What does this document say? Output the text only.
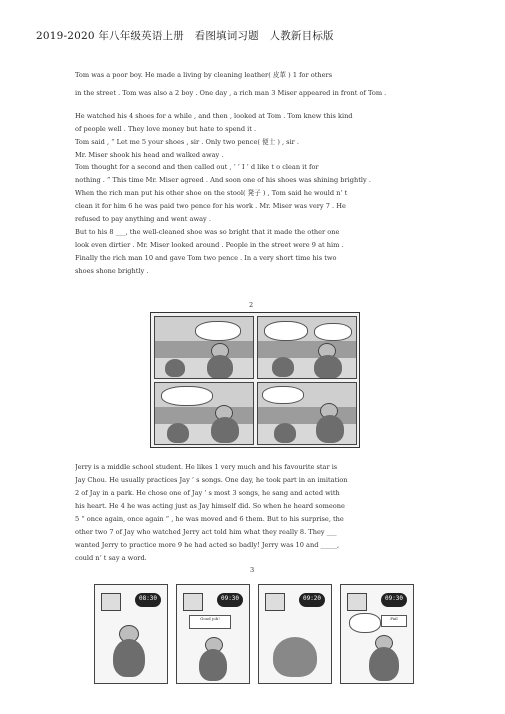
2019-2020 年八年级英语上册　看图填词习题　人教新目标版
Tom was a poor boy. He made a living by cleaning leather( 皮革 ) 1 for others
in the street . Tom was also a 2 boy . One day , a rich man 3 Miser appeared in front of Tom .
He watched his 4 shoes for a while , and then , looked at Tom . Tom knew this kind
of people well . They love money but hate to spend it .
Tom said , “ Let me 5 your shoes , sir . Only two pence( 便士 ) , sir .
Mr. Miser shook his head and walked away .
Tom thought for a second and then called out , ‘ ’ I ’ d like t o clean it for
nothing . ” This time Mr. Miser agreed . And soon one of his shoes was shining brightly .
When the rich man put his other shoe on the stool( 凳子 ) , Tom said he would n’ t
clean it for him 6 he was paid two pence for his work . Mr. Miser was very 7 . He
refused to pay anything and went away .
But to his 8 ___, the well-cleaned shoe was so bright that it made the other one
look even dirtier . Mr. Miser looked around . People in the street were 9 at him .
Finally the rich man 10 and gave Tom two pence . In a very short time his two
shoes shone brightly .
2
Jerry is a middle school student. He likes 1 very much and his favourite star is
Jay Chou. He usually practices Jay ’ s songs. One day, he took part in an imitation
2 of Jay in a park. He chose one of Jay ’ s most 3 songs, he sang and acted with
his heart. He 4 he was acting just as Jay himself did. So when he heard someone
5 “ once again, once again ” , he was moved and 6 them. But to his surprise, the
other two 7 of Jay who watched Jerry act told him what they really 8. They ___
wanted Jerry to practice more 9 he had acted so badly! Jerry was 10 and _____,
could n’ t say a word.
3
08:30	09:30
Good job!
09:20	09:30
Fail
